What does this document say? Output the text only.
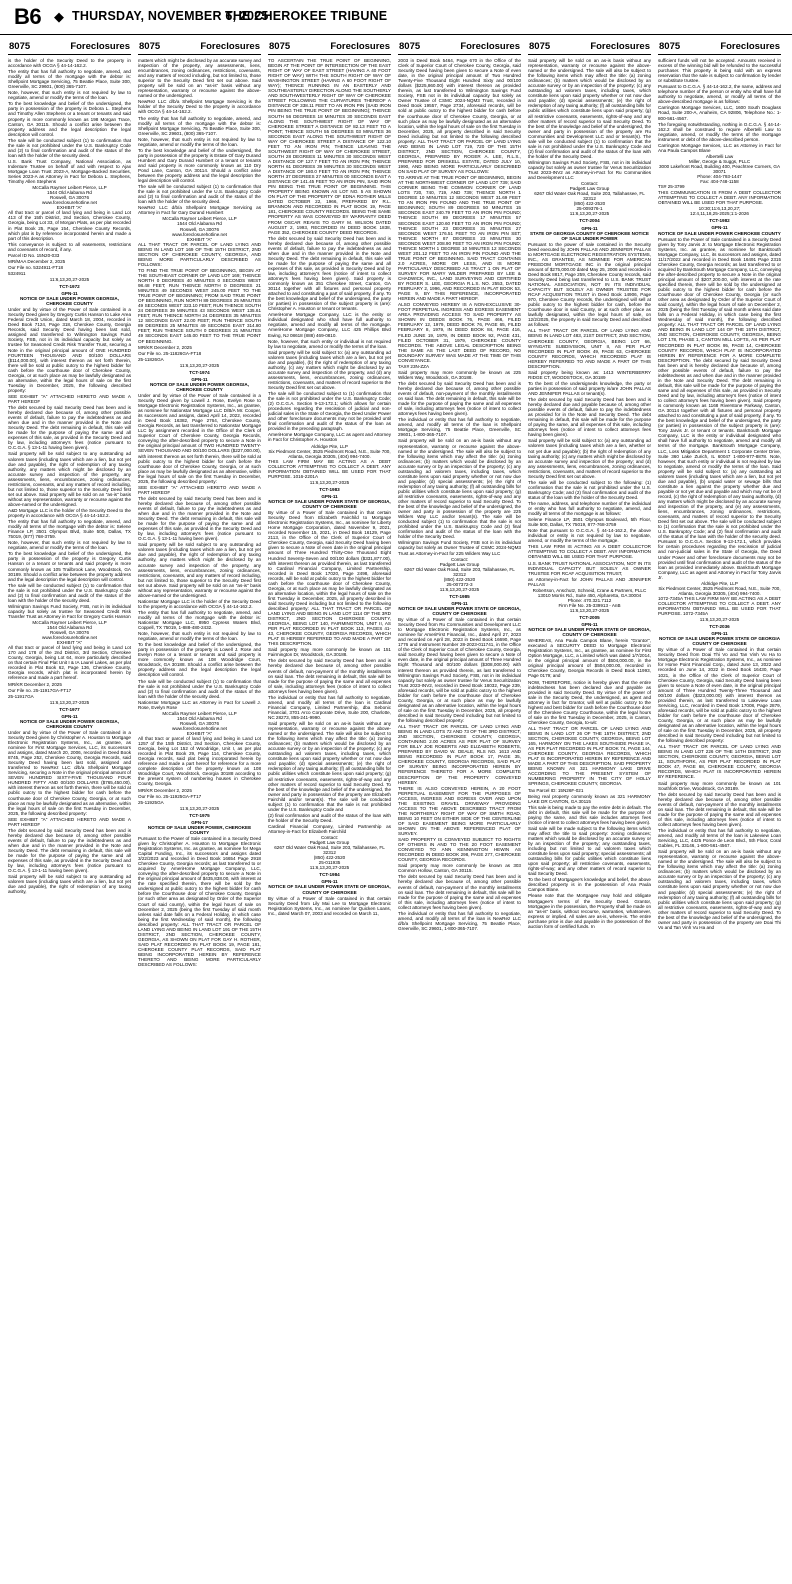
B6 ◆ THURSDAY, NOVEMBER 6, 2025
THE CHEROKEE TRIBUNE
8075	Foreclosures

is the holder of the Security Deed to the property in accordance with OCGA § 44-14-162.2.

The entity that has full authority to negotiate, amend, and modify all terms of the mortgage with the debtor is: Shellpoint Mortgage Servicing, 75 Beattie Place, Suite 300, Greenville, SC 29601, (800) 365-7107.

Note, however, that such entity is not required by law to negotiate, amend or modify the terms of the loan.

To the best knowledge and belief of the undersigned, the party in possession of the property is Debora L. Stephens and Timothy Allen Stephens or a tenant or tenants and said property is more commonly known as 198 Morgan Trace, Canton, GA 30115. Should a conflict arise between the property address and the legal description the legal description will control.

The sale will be conducted subject (1) to confirmation that the sale is not prohibited under the U.S. Bankruptcy Code and (2) to final confirmation and audit of the status of the loan with the holder of the security deed.

U.S. Bank Trust Company, National Association, as Indenture Trustee on behalf of and with respect to Ajax Mortgage Loan Trust 2023-A, Mortgage-Backed Securities, Series 2023-A as Attorney in Fact for Debora L. Stephens, Timothy Allen Stephens

McCalla Raymer Leibert Pierce, LLP

1544 Old Alabama Rd

Roswell, GA 30076

www.foreclosurehotline.net

EXHIBIT "A"

All that tract or parcel of land lying and being in Land Lot 413 of the 15th District, 2nd Section, Cherokee County, Georgia, being Lot 33, of Morgan Plats, as per plat recorded in Plat Book 25, Page 154, Cherokee County Records, which plat is by reference incorporated herein and made a part of this description.

This conveyance is subject to all easements, restrictions and covenants of record, if any.

Parcel ID No. 15N20-033

MR/MAA December 2, 2025

Our File no. 5324911-FT18

5324911

11:6,13,20,27-2025

TCT-1972

GPN-11

NOTICE OF SALE UNDER POWER GEORGIA, CHEROKEE COUNTY

Under and by virtue of the Power of Sale contained in a Security Deed given by Gregory Curtis Hanson to Lake Area Federal Credit Union, dated March 18, 2004, recorded in Deed Book 7124, Page 318, Cherokee County, Georgia Records, said Security Deed having been last sold, assigned and transferred to Wilmington Savings Fund Society, FSB, not in its individual capacity but solely as trustee for Seasoned Credit Risk Transfer Trust, securing a Note in the original principal amount of ONE HUNDRED FOURTEEN THOUSAND AND 00/100 DOLLARS ($114,000.00), with interest thereon as set forth therein, there will be sold at public outcry to the highest bidder for cash before the courthouse door of Cherokee County, Georgia, or at such place as may be lawfully designated as an alternative, within the legal hours of sale on the first Tuesday in December, 2025, the following described property:

SEE EXHIBIT "A" ATTACHED HERETO AND MADE A PART HEREOF

The debt secured by said Security Deed has been and is hereby declared due because of, among other possible events of default, failure to pay the indebtedness as and when due and in the manner provided in the Note and Security Deed. The debt remaining in default, this sale will be made for the purpose of paying the same and all expenses of this sale, as provided in the Security Deed and by law, including attorney's fees (notice pursuant to O.C.G.A. § 13-1-11 having been given).

Said property will be sold subject to any outstanding ad valorem taxes (including taxes which are a lien, but not yet due and payable), the right of redemption of any taxing authority, any matters which might be disclosed by an accurate survey and inspection of the property, any assessments, liens, encumbrances, zoning ordinances, restrictions, covenants, and any matters of record including, but not limited to, those superior to the Security Deed first set out above. Said property will be sold on an "as-is" basis without any representation, warranty or recourse against the above-named or the undersigned.

A&D Mortgage LLC is the holder of the Security Deed to the property in accordance with OCGA § 44-14-162.2.

The entity that has full authority to negotiate, amend, and modify all terms of the mortgage with the debtor is: Selene Finance LP, 3501 Olympus Blvd, Suite 500, Dallas, TX 75019, (877) 768-3759.

Note, however, that such entity is not required by law to negotiate, amend or modify the terms of the loan.

To the best knowledge and belief of the undersigned, the party in possession of the property is Gregory Curtis Hanson or a tenant or tenants and said property is more commonly known as 105 Trailbrook Lane, Woodstock, GA 30189. Should a conflict arise between the property address and the legal description the legal description will control.

The sale will be conducted subject (1) to confirmation that the sale is not prohibited under the U.S. Bankruptcy Code and (2) to final confirmation and audit of the status of the loan with the holder of the security deed.

Wilmington Savings Fund Society, FSB, not in its individual capacity but solely as trustee for Seasoned Credit Risk Transfer Trust as Attorney in Fact for Gregory Curtis Hanson

McCalla Raymer Leibert Pierce, LLP

1544 Old Alabama Rd

Roswell, GA 30076

www.foreclosurehotline.net

EXHIBIT "A"

All that tract or parcel of land lying and being in Land Lot 170 and 178 of the 2nd District, 3rd Section, Cherokee County, Georgia, being Lot 64, more particularly described on that certain Final Plat Unit I & IA Laurel Lakes, as per plat recorded in Plat Book 62, Page 136, Cherokee County, Georgia records, which plat is incorporated herein by reference and made a part hereof.

MR/KR December 2, 2025

Our File no. 25-11917GA-FT17

25-11917GA

11:6,13,20,27-2025

TCT-1977

GPN-11

NOTICE OF SALE UNDER POWER GEORGIA, CHEROKEE COUNTY

Under and by virtue of the Power of Sale contained in a Security Deed given by Christopher A. Houston to Mortgage Electronic Registration Systems, Inc., as grantee, as nominee for First Mortgage Services, LLC, its successors and assigns, dated March 20, 2006, recorded in Deed Book 8745, Page 252, Cherokee County, Georgia Records, said Security Deed having been last sold, assigned and transferred to NewRez LLC d/b/a Shellpoint Mortgage Servicing, securing a Note in the original principal amount of SEVEN HUNDRED SIXTY-FIVE THOUSAND FOUR HUNDRED FIFTY AND 00/100 DOLLARS ($765,450.00), with interest thereon as set forth therein, there will be sold at public outcry to the highest bidder for cash before the courthouse door of Cherokee County, Georgia, or at such place as may be lawfully designated as an alternative, within the legal hours of sale on the first Tuesday in December, 2025, the following described property:

SEE EXHIBIT "A" ATTACHED HERETO AND MADE A PART HEREOF

The debt secured by said Security Deed has been and is hereby declared due because of, among other possible events of default, failure to pay the indebtedness as and when due and in the manner provided in the Note and Security Deed. The debt remaining in default, this sale will be made for the purpose of paying the same and all expenses of this sale, as provided in the Security Deed and by law, including attorney's fees (notice pursuant to O.C.G.A. § 13-1-11 having been given).

Said property will be sold subject to any outstanding ad valorem taxes (including taxes which are a lien, but not yet due and payable), the right of redemption of any taxing authority,

8075	Foreclosures

matters which might be disclosed by an accurate survey and inspection of the property, any assessments, liens, encumbrances, zoning ordinances, restrictions, covenants, and any matters of record including, but not limited to, those superior to the Security Deed first set out above. Said property will be sold on an "as-is" basis without any representation, warranty or recourse against the above-named or the undersigned.

NewRez LLC d/b/a Shellpoint Mortgage Servicing is the holder of the Security Deed to the property in accordance with OCGA § 44-14-162.2.

The entity that has full authority to negotiate, amend, and modify all terms of the mortgage with the debtor is: Shellpoint Mortgage Servicing, 75 Beattie Place, Suite 300, Greenville, SC 29601, (800) 365-7107.

Note, however, that such entity is not required by law to negotiate, amend or modify the terms of the loan.

To the best knowledge and belief of the undersigned, the party in possession of the property is Estate Of Gary Durand Humbert and Gary Durand Humbert or a tenant or tenants and said property is more commonly known as 110 Dry Pond Lane, Canton, GA 30114. Should a conflict arise between the property address and the legal description the legal description will control.

The sale will be conducted subject (1) to confirmation that the sale is not prohibited under the U.S. Bankruptcy Code and (2) to final confirmation and audit of the status of the loan with the holder of the security deed.

NewRez LLC d/b/a Shellpoint Mortgage Servicing as Attorney in Fact for Gary Durand Humbert

McCalla Raymer Leibert Pierce, LLP

1544 Old Alabama Rd

Roswell, GA 30076

www.foreclosurehotline.net

EXHIBIT "A"

ALL THAT TRACT OR PARCEL OF LAND LYING AND BEING IN LAND LOT 169 OF THE 15TH DISTRICT, 2ND SECTION OF CHEROKEE COUNTY, GEORGIA, AND BEING MORE PARTICULARLY DESCRIBED AS FOLLOWS:

TO FIND THE TRUE POINT OF BEGINNING, BEGIN AT THE SOUTHEAST CORNER OF LAND LOT 169; THENCE NORTH 0 DEGREES 40 MINUTES 0 SECONDS WEST 98.48 FEET; RUN THENCE NORTH 0 DEGREES 21 MINUTES 49 SECONDS WEST 245.00 FEET TO THE TRUE POINT OF BEGINNING; FROM SAID TRUE POINT OF BEGINNING, RUN NORTH 89 DEGREES 25 MINUTES 49 SECONDS WEST 323.10 FEET; RUN THENCE SOUTH 24 DEGREES 39 MINUTES 43 SECONDS WEST 135.61 FEET; RUN THENCE NORTH 24 DEGREES 35 MINUTES 12 SECONDS EAST 22.00 FEET; RUN THENCE SOUTH 89 DEGREES 25 MINUTES 49 SECONDS EAST 314.80 FEET; RUN THENCE SOUTH 0 DEGREES 21 MINUTES 49 SECONDS EAST 145.00 FEET TO THE TRUE POINT OF BEGINNING.

MR/KR December 2, 2025

Our File no. 25-11826GA-FT18

25-11826GA

11:6,13,20,27-2025

TCT-1974

GPN-11

NOTICE OF SALE UNDER POWER GEORGIA, CHEROKEE COUNTY

Under and by virtue of the Power of Sale contained in a Security Deed given by Lowell J. Rose, Evelyn Rose to Mortgage Electronic Registration Systems, Inc., as grantee, as nominee for Nationstar Mortgage LLC D/B/A Mr. Cooper, its successors and assigns, dated April 14, 2022, recorded in Deed Book 16382, Page 2764, Cherokee County, Georgia Records, as last transferred to Nationstar Mortgage LLC by assignment recorded in the Office of the Clerk of Superior Court of Cherokee County, Georgia Records, conveying the after-described property to secure a Note in the original principal amount of TWO HUNDRED TWENTY-SEVEN THOUSAND AND 00/100 DOLLARS ($227,000.00), with interest thereon as set forth therein, there will be sold at public outcry to the highest bidder for cash before the courthouse door of Cherokee County, Georgia, or at such place as may be lawfully designated as an alternative, within the legal hours of sale on the first Tuesday in December, 2025, the following described property:

SEE EXHIBIT "A" ATTACHED HERETO AND MADE A PART HEREOF

The debt secured by said Security Deed has been and is hereby declared due because of, among other possible events of default, failure to pay the indebtedness as and when due and in the manner provided in the Note and Security Deed. The debt remaining in default, this sale will be made for the purpose of paying the same and all expenses of this sale, as provided in the Security Deed and by law, including attorney's fees (notice pursuant to O.C.G.A. § 13-1-11 having been given).

Said property will be sold subject to any outstanding ad valorem taxes (including taxes which are a lien, but not yet due and payable), the right of redemption of any taxing authority, any matters which might be disclosed by an accurate survey and inspection of the property, any assessments, liens, encumbrances, zoning ordinances, restrictions, covenants, and any matters of record including, but not limited to, those superior to the Security Deed first set out above. Said property will be sold on an "as-is" basis without any representation, warranty or recourse against the above-named or the undersigned.

Nationstar Mortgage LLC is the holder of the Security Deed to the property in accordance with OCGA § 44-14-162.2.

The entity that has full authority to negotiate, amend, and modify all terms of the mortgage with the debtor is: Nationstar Mortgage LLC, 8950 Cypress Waters Blvd, Coppell, TX 75019, 1-888-480-2432.

Note, however, that such entity is not required by law to negotiate, amend or modify the terms of the loan.

To the best knowledge and belief of the undersigned, the party in possession of the property is Lowell J. Rose and Evelyn Rose or a tenant or tenants and said property is more commonly known as 108 Woodridge Court, Woodstock, GA 30188. Should a conflict arise between the property address and the legal description the legal description will control.

The sale will be conducted subject (1) to confirmation that the sale is not prohibited under the U.S. Bankruptcy Code and (2) to final confirmation and audit of the status of the loan with the holder of the security deed.

Nationstar Mortgage LLC as Attorney in Fact for Lowell J. Rose, Evelyn Rose

McCalla Raymer Leibert Pierce, LLP

1544 Old Alabama Rd

Roswell, GA 30076

www.foreclosurehotline.net

EXHIBIT "A"

All that tract or parcel of land lying and being in Land Lot 1257 of the 15th District, 2nd Section, Cherokee County, Georgia, being Lot 152 of Woodridge, Unit I, as per plat recorded in Plat Book 29, Page 114, Cherokee County, Georgia records, said plat being incorporated herein by reference and made a part hereof for reference for a more complete description of the property known as 108 Woodridge Court, Woodstock, Georgia 30188 according to the present system of numbering houses in Cherokee County, Georgia.

MR/KR December 2, 2025

Our File no. 25-11925GA-FT17

25-11925GA

11:6,13,20,27-2025

TCT-1975

GPN-17

NOTICE OF SALE UNDER POWER, CHEROKEE COUNTY

Pursuant to the Power of Sale contained in a Security Deed given by Christopher A. Houston to Mortgage Electronic Registration Systems, Inc. as grantee, as nominee for Mega Capital Funding, Inc., its successors and assigns dated 3/22/2023 and recorded in Deed Book 16654 Page 2918 Cherokee County, Georgia records; as last transferred to or acquired by AmeriHome Mortgage Company, LLC, conveying the after-described property to secure a Note in the original principal amount of $435,838.00, with interest at the rate specified therein, there will be sold by the undersigned at public outcry to the highest bidder for cash before the Courthouse door of Cherokee County, Georgia (or such other area as designated by Order of the Superior Court of said county), within the legal hours of sale on December 2, 2025 (being the first Tuesday of said month unless said date falls on a Federal Holiday, in which case being the first Wednesday of said month), the following described property: ALL THAT TRACT OR PARCEL OF LAND LYING AND BEING IN LAND LOT 191 OF THE 15TH DISTRICT, 2ND SECTION, CHEROKEE COUNTY, GEORGIA, AS SHOWN ON PLAT FOR GAY H. ROTHER, SAID PLAT RECORDED IN PLAT BOOK 19, PAGE 181, CHEROKEE COUNTY PLAT RECORDS, SAID PLAT BEING INCORPORATED HEREIN BY REFERENCE THERETO AND BEING MORE PARTICULARLY DESCRIBED AS FOLLOWS:

8075	Foreclosures

TO ASCERTAIN THE TRUE POINT OF BEGINNING, BEGIN AT THE POINT OF INTERSECTION OF THE EAST RIGHT OF WAY OF EAST STREET (HAVING A 40 FOOT RIGHT OF WAY) WITH THE SOUTH RIGHT OF WAY OF WASHINGTON STREET (HAVING A 60 FOOT RIGHT OF WAY); THENCE RUNNING IN AN EASTERLY AND SOUTHEASTERLY DIRECTION ALONG THE SOUTHERLY AND SOUTHWESTERLY RIGHT OF WAY OF CHEROKEE STREET FOLLOWING THE CURVATURES THEREOF A DISTANCE OF 338.11 FEET TO AN IRON PIN (SAID IRON PIN BEING THE TRUE POINT OF BEGINNING); THENCE SOUTH 56 DEGREES 18 MINUTES 30 SECONDS EAST ALONG THE SOUTHWEST RIGHT OF WAY OF CHEROKEE STREET A DISTANCE OF 82.13 FEET TO A POINT; THENCE SOUTH 55 DEGREES 03 MINUTES 36 SECONDS EAST ALONG THE SOUTHWEST RIGHT OF WAY OF CHEROKEE STREET A DISTANCE OF 122.10 FEET TO AN IRON PIN; THENCE LEAVING THE SOUTHWEST RIGHT OF WAY OF CHEROKEE STREET, SOUTH 28 DEGREES 11 MINUTES 30 SECONDS WEST A DISTANCE OF 127.7 FEET TO AN IRON PIN; THENCE NORTH 61 DEGREES 39 MINUTES 30 SECONDS WEST A DISTANCE OF 180.0 FEET TO AN IRON PIN; THENCE NORTH 37 DEGREES 27 MINUTES 00 SECONDS EAST A DISTANCE OF 141.45 FEET TO AN IRON PIN, SAID IRON PIN BEING THE TRUE POINT OF BEGINNING. THIS PROPERTY BEING KNOWN AS LOT NO. 5 AS SHOWN ON PLAT OF THE PROPERTY OF EDNA ROTHER MILLS DATED OCTOBER 22, 1966, PREPARED BY R.L. BRANNON AND RECORDED IN PLAT BOOK 19, PAGE 181, CHEROKEE COUNTY RECORDS. BEING THE SAME PROPERTY AS WAS CONVEYED BY WARRANTY DEED FROM OSCAR REAVIS TO GARY M. WILSON DATED AUGUST 2, 1993, RECORDED IN DEED BOOK 1838, PAGE 352, CHEROKEE COUNTY DEED RECORDS.

The debt secured by said Security Deed has been and is hereby declared due because of, among other possible events of default, failure to pay the indebtedness as and when due and in the manner provided in the Note and Security Deed. The debt remaining in default, this sale will be made for the purpose of paying the same and all expenses of this sale, as provided in Security Deed and by law, including attorney's fees (notice of intent to collect attorney's fees having been given). Said property is commonly known as 351 Cherokee Street, Canton, GA 30114 together with all fixtures and personal property attached to and constituting a part of said property, if any. To the best knowledge and belief of the undersigned, the party (or parties) in possession of the subject property is (are): Christopher A. Houston or tenant or tenants.

AmeriHome Mortgage Company, LLC is the entity or individual designated who shall have full authority to negotiate, amend and modify all terms of the mortgage. AmeriHome Mortgage Company, LLC 425 Phillips Blvd Ewing, NJ 08618 (888) 469-0810.

Note, however, that such entity or individual is not required by law to negotiate, amend or modify the terms of the loan.

Said property will be sold subject to: (a) any outstanding ad valorem taxes (including taxes which are a lien, but not yet due and payable), (b) the right of redemption of any taxing authority, (c) any matters which might be disclosed by an accurate survey and inspection of the property, and (d) any assessments, liens, encumbrances, zoning ordinances, restrictions, covenants, and matters of record superior to the Security Deed first set out above.

The sale will be conducted subject to (1) confirmation that the sale is not prohibited under the U.S. Bankruptcy Code; (2) O.C.G.A. Section 9-13-172.1; which allows for certain procedures regarding the rescission of judicial and non-judicial sales in the State of Georgia, the Deed Under Power and other foreclosure documents may not be provided until final confirmation and audit of the status of the loan as provided in the preceding paragraph.

AmeriHome Mortgage Company, LLC as agent and Attorney in Fact for Christopher A. Houston

Aldridge Pite, LLP

Six Piedmont Center, 3525 Piedmont Road, N.E., Suite 700, Atlanta, Georgia 30305, (404) 994-7400.

THIS LAW FIRM MAY BE ACTING AS A DEBT COLLECTOR ATTEMPTING TO COLLECT A DEBT. ANY INFORMATION OBTAINED WILL BE USED FOR THAT PURPOSE. 1016-2201A

11:6,13,20,27-2025

TCT-1983

GPN-11

NOTICE OF SALE UNDER POWER STATE OF GEORGIA, COUNTY OF CHEROKEE

By virtue of a Power of Sale contained in that certain Security Deed from Elizabeth Fairchild to Mortgage Electronic Registration Systems, Inc., as nominee for Liberty Home Mortgage Corporation, dated November 9, 2021, recorded November 15, 2021, in Deed Book 16129, Page 2113, in the Office of the Clerk of Superior Court of Cherokee County, Georgia, said Security Deed having been given to secure a Note of even date in the original principal amount of Three Hundred Thirty-One Thousand Eight Hundred Seventy-Seven and 00/100 dollars ($331,877.00), with interest thereon as provided therein, as last transferred to Cardinal Financial Company, Limited Partnership, recorded in Deed Book 17020, Page 2498, aforesaid records, will be sold at public outcry to the highest bidder for cash before the courthouse door of Cherokee County, Georgia, or at such place as may be lawfully designated as an alternative location, within the legal hours of sale on the first Tuesday in December, 2025, all property described in said Security Deed including but not limited to the following described property: ALL THAT TRACT OR PARCEL OF LAND LYING AND BEING IN LAND LOT 1114 OF THE 3RD DISTRICT, 2ND SECTION CHEROKEE COUNTY, GEORGIA, BEING LOT 140, FAIRMINGTON, UNIT II, AS PER PLAT RECORDED IN PLAT BOOK 113, PAGES 41-43, CHEROKEE COUNTY, GEORGIA RECORDS, WHICH PLAT IS HEREBY REFERRED TO AND MADE A PART OF THIS DESCRIPTION.

Said property may more commonly be known as 151 Fairmington Dr, Woodstock, GA 30188.

The debt secured by said Security Deed has been and is hereby declared due because of, among other possible events of default, non-payment of the monthly installments on said loan. The debt remaining in default, this sale will be made for the purpose of paying the same and all expenses of sale, including attorneys fees (notice of intent to collect attorneys fees having been given).

The individual or entity that has full authority to negotiate, amend, and modify all terms of the loan is Cardinal Financial Company, Limited Partnership, dba Sebonic Financial, 3701 Arco Corporate Drive, Suite 200, Charlotte, NC 28273, 855-241-9990.

Said property will be sold on an as-is basis without any representation, warranty or recourse against the above-named or the undersigned. The sale will also be subject to the following items which may affect the title: (a) zoning ordinances; (b) matters which would be disclosed by an accurate survey or by an inspection of the property; (c) any outstanding ad valorem taxes, including taxes, which constitute liens upon said property whether or not now due and payable; (d) special assessments; (e) the right of redemption of any taxing authority; (f) all outstanding bills for public utilities which constitute liens upon said property; (g) all restrictive covenants, easements, rights-of-way and any other matters of record superior to said Security Deed. To the best of the knowledge and belief of the undersigned, the owner and party in possession of the property are Elizabeth Fairchild and/or tenant(s). The sale will be conducted subject (1) to confirmation that the sale is not prohibited under the U.S. Bankruptcy Code and

(2) final confirmation and audit of the status of the loan with the holder of the Security Deed.

Cardinal Financial Company, Limited Partnership as Attorney-in-Fact for Elizabeth Fairchild

Contact:

Padgett Law Group

6267 Old Water Oak Road, Suite 203, Tallahassee, FL 32312

(850) 422-2520

25-011935

11:6,13,20,27-2025

TCT-1984

GPN-11

NOTICE OF SALE UNDER POWER STATE OF GEORGIA, COUNTY OF CHEROKEE

By virtue of a Power of Sale contained in that certain Security Deed from Lily Mai Lee to Mortgage Electronic Registration Systems, Inc., as nominee for Quicken Loans, Inc., dated March 07, 2003 and recorded on March 11,

8075	Foreclosures

2003 in Deed Book 5464, Page 670 in the Office of the Clerk of Superior Court of Cherokee County, Georgia, said Security Deed having been given to secure a Note of even date, in the original principal amount of Two Hundred Twenty-Five Thousand Eight Hundred Sixty and 00/100 dollars ($225,860.00) with interest thereon as provided therein, as last transferred to Wilmington Savings Fund Society, FSB not in its individual capacity but solely as Owner Trustee of CSMC 2024-NQM3 Trust, recorded in Deed Book 19557, Page 2734, aforesaid records, will be sold at public outcry to the highest bidder for cash before the courthouse door of Cherokee County, Georgia, or at such place as may be lawfully designated as an alternative location, within the legal hours of sale on the first Tuesday in December, 2025, all property described in said Security Deed including but not limited to the following described property: ALL THAT TRACT OR PARCEL OF LAND LYING AND BEING IN LAND LOT 719, 720 OF THE 15TH DISTRICT, 2ND SECTION, CHEROKEE COUNTY, GEORGIA, PREPARED BY ROGER A. LEE, R.L.S., PREPARED FOR DRISKELL ESTATE, DATED JULY 10, 1990, AND BEING MORE PARTICULARLY DESCRIBED ON SAID PLAT OF SURVEY AS FOLLOWS:

TO ARRIVE AT THE TRUE POINT OF BEGINNING, BEGIN AT THE NORTHWEST CORNER OF LAND LOT 739; SAID CORNER BEING THE COMMON CORNER OF LAND LOTS 720, 740, 719, AND 739; THENCE NORTH 1 DEGREE 10 MINUTES 12 SECONDS WEST 31.69 FEET TO AN IRON PIN FOUND AND THE TRUE POINT OF BEGINNING; SOUTH 89 DEGREES 50 MINUTES 15 SECONDS EAST 240.79 FEET TO AN IRON PIN FOUND; THENCE SOUTH 89 DEGREES 17 MINUTES 57 SECONDS EAST 120.60 FEET TO AN IRON PIN FOUND; THENCE SOUTH 23 DEGREES 31 MINUTES 27 SECONDS WEST 176.51 FEET TO AN IRON PIN SET; THENCE NORTH 87 DEGREES 23 MINUTES 30 SECONDS WEST 208.90 FEET TO AN IRON PIN FOUND; THENCE NORTH 1 DEGREE 10 MINUTES 12 SECONDS WEST 201.12 FEET TO AN IRON PIN FOUND AND THE TRUE POINT OF BEGINNING. SAID TRACT CONTAINS 2.0 ACRES, MORE OR LESS, AND IS MORE PARTICULARLY DESCRIBED AS TRACT 1 ON PLAT OF SURVEY FOR MARY WILDER PREPARED BY LEE & CHADWICK, INC., LAND SURVEYING AND CERTIFIED BY ROGER S. LEE, GEORGIA R.L.S. NO. 2553, DATED FEBRUARY 2, 1996, AND RECORDED IN PLAT BOOK 53, PAGE 9, BY THIS REFERENCE, INCORPORATED HEREIN AND MADE A PART HEREOF.

ALSO CONVEYED HEREBY IS A NON-EXCLUSIVE 30-FOOT PERPETUAL INGRESS AND EGRESS EASEMENT AREA PROVIDING ACCESS TO SAID PROPERTY AS SHOWN IN DEEDS BOOK 76, PAGE 466, FILED FEBRUARY 12, 1979, DEED BOOK 76, PAGE 65, FILED FEBRUARY 8, 1979, IN DEED BOOK 84, PAGE 416, FILED JUNE 19, 1979, IN DEED BOOK 92, PAGE 431, FILED OCTOBER 31, 1979, CHEROKEE COUNTY RECORDS. THE ABOVE LEGAL DESCRIPTION BEING THE SAME AS THE LAST DEED OF RECORD, NO BOUNDARY SURVEY WAS MADE AT THE TIME OF THIS CONVEYANCE.

TAX# 23N-ZZA

Said property may more commonly be known as 225 Wilders Way, Woodstock, GA 30188.

The debt secured by said Security Deed has been and is hereby declared due because of, among other possible events of default, non-payment of the monthly installments on said loan. The debt remaining in default, this sale will be made for the purpose of paying the same and all expenses of sale, including attorneys fees (notice of intent to collect attorneys fees having been given).

The individual or entity that has full authority to negotiate, amend, and modify all terms of the loan is Shellpoint Mortgage Servicing, 75 Beattie Place, Greenville, SC 29601, 1-800-365-7107.

Said property will be sold on an as-is basis without any representation, warranty or recourse against the above-named or the undersigned. The sale will also be subject to the following items which may affect the title: (a) zoning ordinances; (b) matters which would be disclosed by an accurate survey or by an inspection of the property; (c) any outstanding ad valorem taxes, including taxes, which constitute liens upon said property whether or not now due and payable; (d) special assessments; (e) the right of redemption of any taxing authority; (f) all outstanding bills for public utilities which constitute liens upon said property; (g) all restrictive covenants, easements, rights-of-way and any other matters of record superior to said Security Deed. To the best of the knowledge and belief of the undersigned, the owner and party in possession of the property are 225 Wilders Way LLC and/or tenant(s). The sale will be conducted subject (1) to confirmation that the sale is not prohibited under the U.S. Bankruptcy Code and (2) final confirmation and audit of the status of the loan with the holder of the Security Deed.

Wilmington Savings Fund Society, FSB not in its individual capacity but solely as Owner Trustee of CSMC 2024-NQM3 Trust as Attorney-in-Fact for 225 Wilders Way LLC

Contact:

Padgett Law Group

6267 Old Water Oak Road, Suite 203, Tallahassee, FL 32312

(850) 422-2520

25-007372-3

11:6,13,20,27-2025

TCT-1985

GPN-11

NOTICE OF SALE UNDER POWER STATE OF GEORGIA, COUNTY OF CHEROKEE

By virtue of a Power of Sale contained in that certain Security Deed from Ru Communities and Development LLC to Mortgage Electronic Registration Systems, Inc., as nominee for AmeriFirst Financial, Inc., dated April 27, 2023 and recorded on April 28, 2023 in Deed Book 16690, Page 1776 and Instrument Number 28-2023-011741, in the Office of the Clerk of Superior Court of Cherokee County, Georgia, said Security Deed having been given to secure a Note of even date, in the original principal amount of Three Hundred Eight Thousand and 00/100 dollars ($308,000.00) with interest thereon as provided therein, as last transferred to Wilmington Savings Fund Society, FSB, not in its individual capacity but solely as owner trustee for Verus Securitization Trust 2023-INV2, recorded in Deed Book 18032, Page 239, aforesaid records, will be sold at public outcry to the highest bidder for cash before the courthouse door of Cherokee County, Georgia, or at such place as may be lawfully designated as an alternative location, within the legal hours of sale on the first Tuesday in December, 2025, all property described in said Security Deed including but not limited to the following described property:

ALL THAT TRACT OR PARCEL OF LAND LYING AND BEING IN LAND LOTS 72 AND 73 OF THE 3RD DISTRICT, 2ND SECTION, CHEROKEE COUNTY, GEORGIA, CONTAINING 2.00 ACRES AS PER PLAT OF SURVEY FOR BILLY JOE ROBERTS AND ELIZABETH ROBERTS, PREPARED BY DAVID W. DEALE, RLS NO. 1613 AND BEING RECORDED IN PLAT BOOK 17, PAGE 35, CHEROKEE COUNTY, GEORGIA RECORDS, SAID PLAT OF SURVEY BEING INCORPORATED HEREIN BY REFERENCE THERETO FOR A MORE COMPLETE DESCRIPTION OF THE PROPERTY CONVEYED HEREBY.

THERE IS ALSO CONVEYED HEREIN, A 20 FOOT PERPETUAL EASEMENT FOR THE PURPOSES OF ACCESS, INGRESS AND EGRESS OVER AND UPON THE EXISTING GRAVEL DRIVEWAY PROVIDING ACCESS TO THE ABOVE DESCRIBED TRACT FROM THE NORTHERLY RIGHT OF WAY OF SMITH ROAD, BEING 10 FEET ON EITHER SIDE OF THE CENTERLINE OF SAID EASEMENT BEING MORE PARTICULARLY SHOWN ON THE ABOVE REFERENCED PLAT OF SURVEY.

SAID PROPERTY IS CONVEYED SUBJECT TO RIGHTS OF OTHERS IN AND TO THE 20 FOOT EASEMENT CONVEYED TO ANN KENNINGTON HEWIN AS RECORDED IN DEED BOOK 298, PAGE 277, CHEROKEE COUNTY, GEORGIA RECORDS.

Said property may more commonly be known as 303 Common Hollow, Canton, GA 30115.

The debt secured by said Security Deed has been and is hereby declared due because of, among other possible events of default, non-payment of the monthly installments on said loan. The debt remaining in default, this sale will be made for the purpose of paying the same and all expenses of this sale, including attorneys fees (notice of intent to collect attorneys fees having been given).

The individual or entity that has full authority to negotiate, amend, and modify all terms of the loan is NewRez LLC d/b/a Shellpoint Mortgage Servicing, 75 Beattie Place, Greenville, SC 29601, 1-800-365-7107.

8075	Foreclosures

Said property will be sold on an as-is basis without any representation, warranty or recourse against the above-named or the undersigned. The sale will also be subject to the following items which may affect the title: (a) zoning ordinances; (b) matters which would be disclosed by an accurate survey or by an inspection of the property; (c) any outstanding ad valorem taxes, including taxes, which constitute liens upon said property whether or not now due and payable; (d) special assessments; (e) the right of redemption of any taxing authority; (f) all outstanding bills for public utilities which constitute liens upon said property; (g) all restrictive covenants, easements, rights-of-way and any other matters of record superior to said Security Deed. To the best of the knowledge and belief of the undersigned, the owner and party in possession of the property are Ru Communities and Development LLC and or tenant(s). The sale will be conducted subject (1) to confirmation that the sale is not prohibited under the U.S. Bankruptcy Code and (2) final confirmation and audit of the status of the loan with the holder of the Security Deed.

Wilmington Savings Fund Society, FSB, not in its individual capacity but solely as owner trustee for Verus Securitization Trust 2023-INV2 as Attorney-in-Fact for Ru Communities and Development LLC

Contact:

Padgett Law Group

6267 Old Water Oak Road, Suite 203, Tallahassee, FL 32312

(850) 422-2520

25-009376-1

11:6,13,20,27-2025

TCT-2004

GPN-11

STATE OF GEORGIA COUNTY OF CHEROKEE NOTICE OF SALE UNDER POWER

Pursuant to the power of sale contained in the Security Deed executed by JOHN PALLAS AND JENNIFER PALLAS to MORTGAGE ELECTRONIC REGISTRATION SYSTEMS, INC., AS GRANTEE, AS NOMINEE FOR AMERICAN FREEDOM MORTGAGE INC in the original principal amount of $275,000.00 dated May 25, 2006 and recorded in Deed Book 8817, Page 259, Cherokee County records, said Security Deed being last transferred to U.S. BANK TRUST NATIONAL ASSOCIATION, NOT IN ITS INDIVIDUAL CAPACITY BUT SOLELY AS OWNER TRUSTEE FOR RCAF ACQUISITION TRUST in Deed Book 14906, Page 970, Cherokee County records, the undersigned will sell at public outcry to the highest bidder for cash, before the Courthouse door in said County, or at such other place as lawfully designated, within the legal hours of sale, on 12/2/2025, the property in said Security Deed and described as follows:

ALL THAT TRACT OR PARCEL OF LAND LYING AND BEING IN LAND LOT 483, 21ST DISTRICT, 2ND SECTION, CHEROKEE COUNTY, GEORGIA, BEING LOT 66, WYNGATE SUBDIVISION, UNIT II, AS PER PLAT RECORDED IN PLAT BOOK 49, PAGE 63, CHEROKEE COUNTY RECORDS, WHICH RECORDED PLAT IS HEREBY REFERRED TO AND MADE A PART OF THIS DESCRIPTION.

Said property being known as: 1413 WINTERBERRY RIDGE CT, WOODSTOCK, GA 30189

To the best of the undersigneds knowledge, the party or parties in possession of said property is/are JOHN PALLAS AND JENNIFER PALLAS or tenant(s).

The debt secured by said Security Deed has been and is hereby declared due and payable because of, among other possible events of default, failure to pay the indebtedness as provided for in the Note and Security Deed. The debt remaining in default, this sale will be made for the purpose of paying the same, and all expenses of this sale, including attorneys fees (notice of intent to collect attorneys fees having been given).

Said property will be sold subject to: (a) any outstanding ad valorem taxes (including taxes which are a lien, whether or not yet due and payable); (b) the right of redemption of any taxing authority; (c) any matters which might be disclosed by an accurate survey and inspection of the property; and (d) any assessments, liens, encumbrances, zoning ordinances, restrictions, covenants, and matters of record superior to the Security Deed first set out above.

The sale will be conducted subject to the following: (1) confirmation that the sale is not prohibited under the U.S. Bankruptcy Code; and (2) final confirmation and audit of the status of the loan with the holder of the Security Deed.

The name, address, and telephone number of the individual or entity who has full authority to negotiate, amend, and modify all terms of the mortgage is as follows:

Selene Finance LP, 3501 Olympus Boulevard, 5th Floor, Suite 500, Dallas, TX 75019, 877-768-3759

Note that pursuant to O.C.G.A. § 44-14-162.2, the above individual or entity is not required by law to negotiate, amend, or modify the terms of the mortgage.

THIS LAW FIRM IS ACTING AS A DEBT COLLECTOR ATTEMPTING TO COLLECT A DEBT. ANY INFORMATION OBTAINED WILL BE USED FOR THAT PURPOSE.

U.S. BANK TRUST NATIONAL ASSOCIATION, NOT IN ITS INDIVIDUAL CAPACITY BUT SOLELY AS OWNER TRUSTEE FOR RCAF ACQUISITION TRUST,

as Attorney-in-Fact for JOHN PALLAS AND JENNIFER PALLAS

Robertson, Anschutz, Schneid, Crane & Partners, PLLC

13010 Morris Rd., Suite 450, Alpharetta, GA 30004

Phone: 470.321.7112

Firm File No. 25-339913 - AnB

11:6,13,20,27-2025

TCT-2005

GPN-11

NOTICE OF SALE UNDER POWER STATE OF GEORGIA, COUNTY OF CHEROKEE

WHEREAS, Ana Paula Campos Blane, herein "Grantor", executed a SECURITY DEED to Mortgage Electronic Registration Systems, Inc., as grantee, as nominee for First Option Mortgage, LLC, a Limited which was dated 1/7/2014, in the original principal amount of $504,000.00, in the original principal amount of $504,000.00, recorded in Cherokee County, Georgia Records in Deed Book 11993, Page 0179; and

NOW, THEREFORE, notice is hereby given that the entire indebtedness has been declared due and payable as provided in said Security Deed. By virtue of the power of sale in the Security Deed, the undersigned, as agent and attorney in fact for Grantor, will sell at public outcry to the highest and best bidder for cash before the Courthouse door of the Cherokee County Courthouse, within the legal hours of sale on the first Tuesday in December, 2025, in Canton, Cherokee County, Georgia, to-wit:

ALL THAT TRACT OR PARCEL OF LAND LYING AND BEING IN LAND LOT 26 OF THE 15TH DISTRICT, 2ND SECTION, CHEROKEE COUNTY, GEORGIA, BEING LOT 165, HARMONY ON THE LAKES SOUTHSIDE PHASE IA, AS PER PLAT RECORDED IN PLAT BOOK 74, PAGE 144, CHEROKEE COUNTY, GEORGIA RECORDS, WHICH PLAT IS INCORPORATED HEREIN BY REFERENCE AND MADE A PART OF THIS DESCRIPTION. SAID PROPERTY BEING KNOWN AS 321 HARMONY LAKE DRIVE ACCORDING TO THE PRESENT SYSTEM OF NUMBERING PROPERTY IN THE CITY OF HOLLY SPRINGS, CHEROKEE COUNTY, GEORGIA.

Tax Parcel ID: 15N26F-021

Being real property commonly known as 321 HARMONY LAKE DR CANTON, GA 30115

This sale is being made to pay the entire debt in default. The debt in default, this sale will be made for the purpose of paying the same, and this sale includes attorneys fees (notice of intent to collect attorneys fees having been given).

Said sale will be made subject to the following items which may affect the title to said property: zoning ordinances; matters which would be disclosed by an accurate survey or by an inspection of the property; any outstanding taxes, including but not limited to ad valorem taxes which constitute liens upon said property; special assessments; all outstanding bills for public utilities which constitute liens upon said property; all restrictive covenants, easements, rights-of-way; and any other matters of record superior to said Security Deed.

To the best of Mortgagee's knowledge and belief, the above described property is in the possession of Ana Paula Campos Blane.

Please note that the Mortgagee may hold and obligate Mortgagee's terms of the Security Deed. Grantor, Mortgagee in the possession, the Property shall be made on an "as-is" basis, without recourse, warranties, whatsoever, express or implied. All sales are as-is, where-is. The entire purchase price is due and payable in the possession of the auction form of certified funds. In

8075	Foreclosures

sufficient funds will not be accepted. Amounts received in excess of the winning bid will be refunded to the successful purchaser. This property is being sold with an express reservation that the sale is subject to confirmation by lender or substitute trustee.

Pursuant to O.C.G.A. § 44-14-162.2, the name, address and telephone number of the person or entity who shall have full authority to negotiate, amend, or modify all terms of the above-described mortgage is as follows:

Carrington Mortgage Services, LLC, 1600 South Douglass Road, Suite 200-A, Anaheim, CA 92806, Telephone No.: 1-800-561-4567.

The foregoing notwithstanding, nothing in O.C.G.A. § 44-14-162.2 shall be construed to require Albertelli Law to negotiate, amend, or modify the terms of the mortgage instrument or debt of the above-described person.

Carrington Mortgage Services, LLC as Attorney in Fact for Ana Paula Campos Blane

Albertelli Law

Miller, George & Suggs, PLLC

3000 Lakefront Road, Building 400, Peachtree Corners, GA 30071

Phone: 404-793-1447

Fax: 404-748-1158

TS# 25-3799

THIS COMMUNICATION IS FROM A DEBT COLLECTOR ATTEMPTING TO COLLECT A DEBT. ANY INFORMATION OBTAINED WILL BE USED FOR THAT PURPOSE.

10:30;11:6,13,20,27;

12:4,11,18,25-2025;1:1-2026

TCT-1982

GPN-11

NOTICE OF SALE UNDER POWER CHEROKEE COUNTY

Pursuant to the Power of Sale contained in a Security Deed given by Tony Jarvis Jr. to Mortgage Electronic Registration Systems, Inc. as grantee, as nominee for BankSouth Mortgage Company, LLC, its successors and assigns, dated 11/17/2022 and recorded in Deed Book 16491 Page 2315 Cherokee County, Georgia records; as last transferred to or acquired by BankSouth Mortgage Company, LLC, conveying the after-described property to secure a Note in the original principal amount of $207,200.00, with interest at the rate specified therein, there will be sold by the undersigned at public outcry to the highest bidder for cash before the Courthouse door of Cherokee County, Georgia (or such other area as designated by Order of the Superior Court of said county), within the legal hours of sale on December 2, 2025 (being the first Tuesday of said month unless said date falls on a Federal Holiday, in which case being the first Wednesday of said month), the following described property: ALL THAT TRACT OR PARCEL OF LAND LYING AND BEING IN LAND LOT 144 OF THE 15TH DISTRICT, 2ND SECTION, CHEROKEE COUNTY, GEORGIA, BEING LOT 178, PHASE 1, CANTON MILL LOFTS, AS PER PLAT RECORDED IN PLAT BOOK 95, PAGE 14, CHEROKEE COUNTY RECORDS, WHICH PLAT IS INCORPORATED HEREIN BY REFERENCE FOR A MORE COMPLETE DESCRIPTION. The debt secured by said Security Deed has been and is hereby declared due because of, among other possible events of default, failure to pay the indebtedness as and when due and in the manner provided in the Note and Security Deed. The debt remaining in default, this sale will be made for the purpose of paying the same and all expenses of this sale, as provided in Security Deed and by law, including attorney's fees (notice of intent to collect attorney's fees having been given). Said property is commonly known as 1168 Riverstone Parkway, Canton, GA 30114 together with all fixtures and personal property attached to and constituting a part of said property, if any. To the best knowledge and belief of the undersigned, the party (or parties) in possession of the subject property is (are): Tony Jarvis Jr. or tenant or tenants. BankSouth Mortgage Company, LLC is the entity or individual designated who shall have full authority to negotiate, amend and modify all terms of the mortgage. BankSouth Mortgage Company, LLC, Loss Mitigation Department 1 Corporate Center Drive, Suite 360 Lake Zurich, IL 60047 1-800-977-8878. Note, however, that such entity or individual is not required by law to negotiate, amend or modify the terms of the loan. Said property will be sold subject to: (a) any outstanding ad valorem taxes (including taxes which are a lien, but not yet due and payable), (b) unpaid water or sewage bills that constitute a lien against the property whether due and payable or not yet due and payable and which may not be of record, (c) the right of redemption of any taxing authority, (d) any matters which might be disclosed by an accurate survey and inspection of the property, and (e) any assessments, liens, encumbrances, zoning ordinances, restrictions, covenants, and matters of record superior to the Security Deed first set out above. The sale will be conducted subject to (1) confirmation that the sale is not prohibited under the U.S. Bankruptcy Code; and (2) final confirmation and audit of the status of the loan with the holder of the security deed. Pursuant to O.C.G.A. Section 9-13-172.1, which provides for certain procedures regarding the rescission of judicial and non-judicial sales in the State of Georgia, the Deed Under Power and other foreclosure documents may not be provided until final confirmation and audit of the status of the loan as provided immediately above. BankSouth Mortgage Company, LLC as agent and Attorney in Fact for Tony Jarvis Jr.

Aldridge Pite, LLP

Six Piedmont Center, 3525 Piedmont Road, N.E., Suite 700, Atlanta, Georgia 30305, (404) 994-7400.

1072-7345A THIS LAW FIRM MAY BE ACTING AS A DEBT COLLECTOR ATTEMPTING TO COLLECT A DEBT. ANY INFORMATION OBTAINED WILL BE USED FOR THAT PURPOSE. 1072-7345A

11:6,13,20,27-2025

TCT-2036

GPN-11

NOTICE OF SALE UNDER POWER STATE OF GEORGIA COUNTY OF CHEROKEE

By virtue of a Power of Sale contained in that certain Security Deed from Doai Thi Vo and Tan Vinh Vu Ha to Mortgage Electronic Registration Systems, Inc., as nominee for Home Point Financial Corp., dated June 13, 2022 and recorded on June 14, 2022 in Deed Book 16430, Page 1021, in the Office of the Clerk of Superior Court of Cherokee County, Georgia, said Security Deed having been given to secure a Note of even date, in the original principal amount of Three Hundred Twenty-Three Thousand and 00/100 dollars ($323,000.00) with interest thereon as provided therein, as last transferred to Lakeview Loan Servicing, LLC, recorded in Deed Book 17008, Page 2879, aforesaid records, will be sold at public outcry to the highest bidder for cash before the courthouse door of Cherokee County, Georgia, or at such place as may be lawfully designated as an alternative location, within the legal hours of sale on the first Tuesday in December, 2025, all property described in said Security Deed including but not limited to the following described property:

ALL THAT TRACT OR PARCEL OF LAND LYING AND BEING IN LAND LOT 226 OF THE 14TH DISTRICT, 2ND SECTION, CHEROKEE COUNTY, GEORGIA, BEING LOT 11, SOUTHFORK, AS PER PLAT RECORDED IN PLAT BOOK 47, PAGE 68, CHEROKEE COUNTY, GEORGIA RECORDS, WHICH PLAT IS INCORPORATED HEREIN BY REFERENCE.

Said property may more commonly be known as 101 Southfork Drive, Woodstock, GA 30189.

The debt secured by said Security Deed has been and is hereby declared due because of, among other possible events of default, non-payment of the monthly installments on said loan. The debt remaining in default, this sale will be made for the purpose of paying the same and all expenses of this sale, including attorneys fees (notice of intent to collect attorneys fees having been given).

The individual or entity that has full authority to negotiate, amend, and modify all terms of the loan is Lakeview Loan Servicing, LLC, 4425 Ponce de Leon Blvd., 5th Floor, Coral Gables, FL 33146, 1-800-561-4567.

Said property will be sold on an as-is basis without any representation, warranty or recourse against the above-named or the undersigned. The sale will also be subject to the following items which may affect the title: (a) zoning ordinances; (b) matters which would be disclosed by an accurate survey or by an inspection of the property; (c) any outstanding ad valorem taxes, including taxes, which constitute liens upon said property whether or not now due and payable; (d) special assessments; (e) the right of redemption of any taxing authority; (f) all outstanding bills for public utilities which constitute liens upon said property; (g) all restrictive covenants, easements, rights-of-way and any other matters of record superior to said Security Deed. To the best of the knowledge and belief of the undersigned, the owner and party in possession of the property are Doai Thi Vo and Tan Vinh Vu Ha and
